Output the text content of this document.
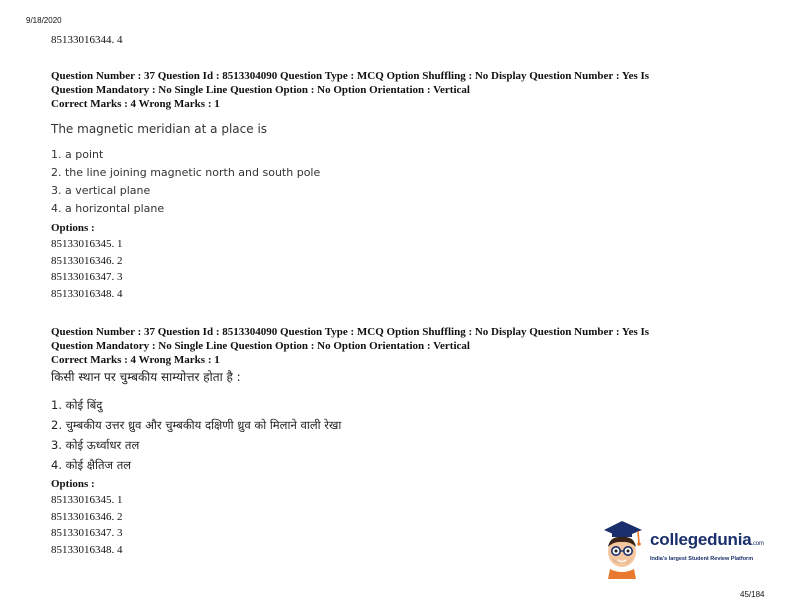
9/18/2020
85133016344. 4
Question Number : 37 Question Id : 8513304090 Question Type : MCQ Option Shuffling : No Display Question Number : Yes Is
Question Mandatory : No Single Line Question Option : No Option Orientation : Vertical
Correct Marks : 4 Wrong Marks : 1
The magnetic meridian at a place is
1. a point
2. the line joining magnetic north and south pole
3. a vertical plane
4. a horizontal plane
Options :
85133016345. 1
85133016346. 2
85133016347. 3
85133016348. 4
Question Number : 37 Question Id : 8513304090 Question Type : MCQ Option Shuffling : No Display Question Number : Yes Is
Question Mandatory : No Single Line Question Option : No Option Orientation : Vertical
Correct Marks : 4 Wrong Marks : 1
किसी स्थान पर चुम्बकीय साम्योत्तर होता है :
1. कोई बिंदु
2. चुम्बकीय उत्तर ध्रुव और चुम्बकीय दक्षिणी ध्रुव को मिलाने वाली रेखा
3. कोई ऊर्ध्वाधर तल
4. कोई क्षैतिज तल
Options :
85133016345. 1
85133016346. 2
85133016347. 3
85133016348. 4
collegedunia.com
India's largest Student Review Platform
45/184
